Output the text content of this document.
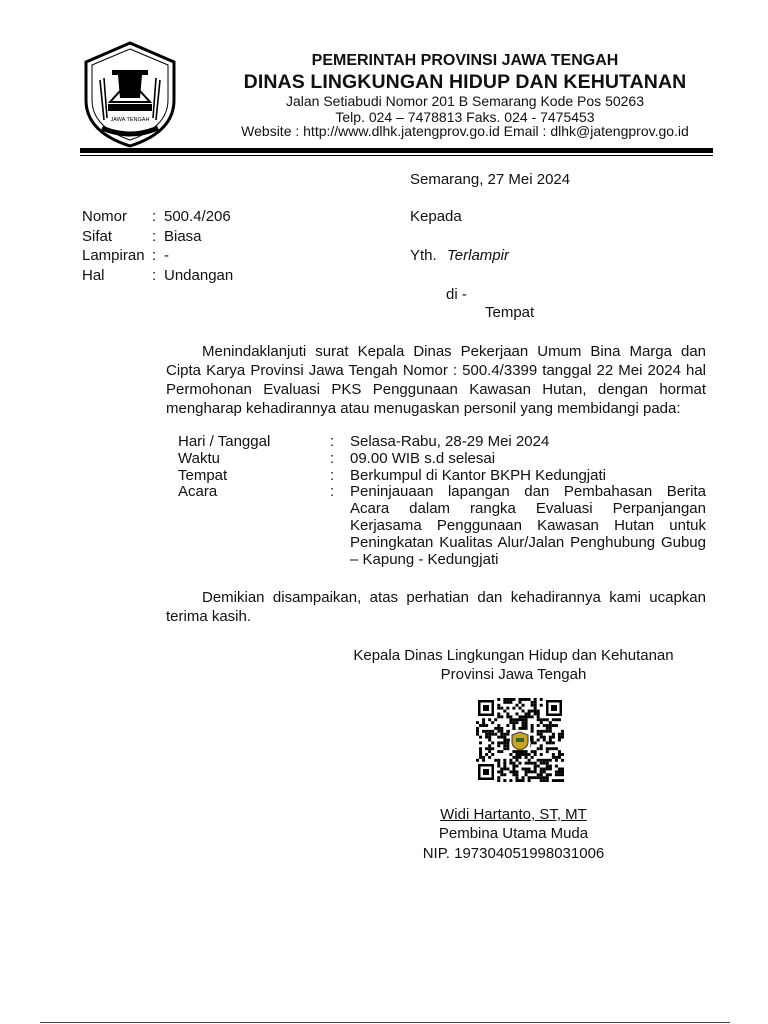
JAWA TENGAH
PEMERINTAH PROVINSI JAWA TENGAH
DINAS LINGKUNGAN HIDUP DAN KEHUTANAN
Jalan Setiabudi Nomor 201 B Semarang Kode Pos 50263
Telp. 024 – 7478813 Faks. 024 - 7475453
Website : http://www.dlhk.jatengprov.go.id Email : dlhk@jatengprov.go.id
Semarang, 27 Mei 2024
Nomor	:	500.4/206
Sifat	:	Biasa
Lampiran	:	-
Hal	:	Undangan
Kepada
Yth. Terlampir
di -
Tempat
Menindaklanjuti surat Kepala Dinas Pekerjaan Umum Bina Marga dan Cipta Karya Provinsi Jawa Tengah Nomor : 500.4/3399 tanggal 22 Mei 2024 hal Permohonan Evaluasi PKS Penggunaan Kawasan Hutan, dengan hormat mengharap kehadirannya atau menugaskan personil yang membidangi pada:
Hari / Tanggal	:	Selasa-Rabu, 28-29 Mei 2024
Waktu	:	09.00 WIB s.d selesai
Tempat	:	Berkumpul di Kantor BKPH Kedungjati
Acara	:	Peninjauaan lapangan dan Pembahasan Berita Acara dalam rangka Evaluasi Perpanjangan Kerjasama Penggunaan Kawasan Hutan untuk Peningkatan Kualitas Alur/Jalan Penghubung Gubug – Kapung - Kedungjati
Demikian disampaikan, atas perhatian dan kehadirannya kami ucapkan terima kasih.
Kepala Dinas Lingkungan Hidup dan Kehutanan
Provinsi Jawa Tengah
Widi Hartanto, ST, MT
Pembina Utama Muda
NIP. 197304051998031006
